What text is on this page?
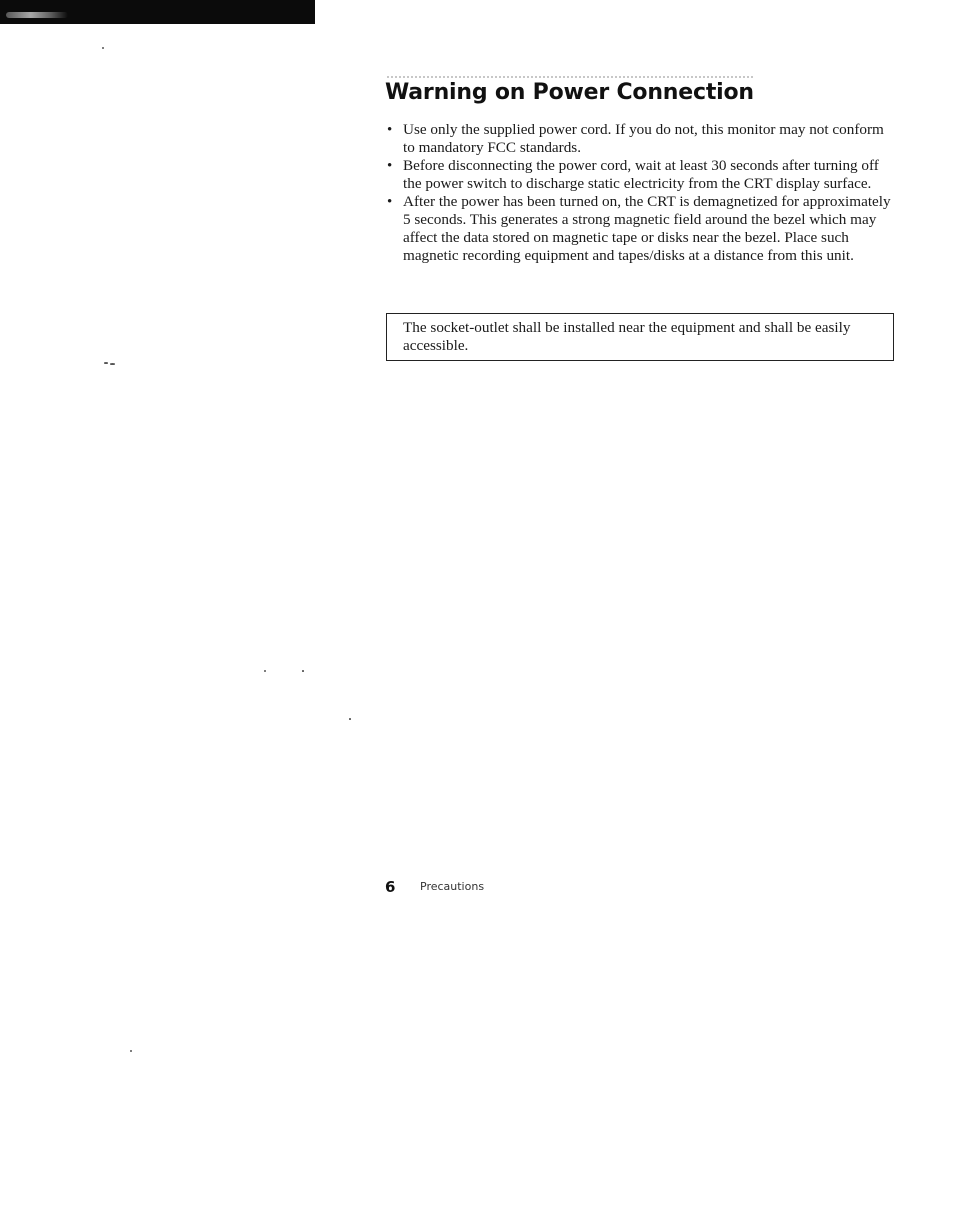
Warning on Power Connection
• Use only the supplied power cord. If you do not, this monitor may not conform to mandatory FCC standards.
• Before disconnecting the power cord, wait at least 30 seconds after turning off the power switch to discharge static electricity from the CRT display surface.
• After the power has been turned on, the CRT is demagnetized for approximately 5 seconds. This generates a strong magnetic field around the bezel which may affect the data stored on magnetic tape or disks near the bezel. Place such magnetic recording equipment and tapes/disks at a distance from this unit.
The socket-outlet shall be installed near the equipment and shall be easily accessible.
6 Precautions
